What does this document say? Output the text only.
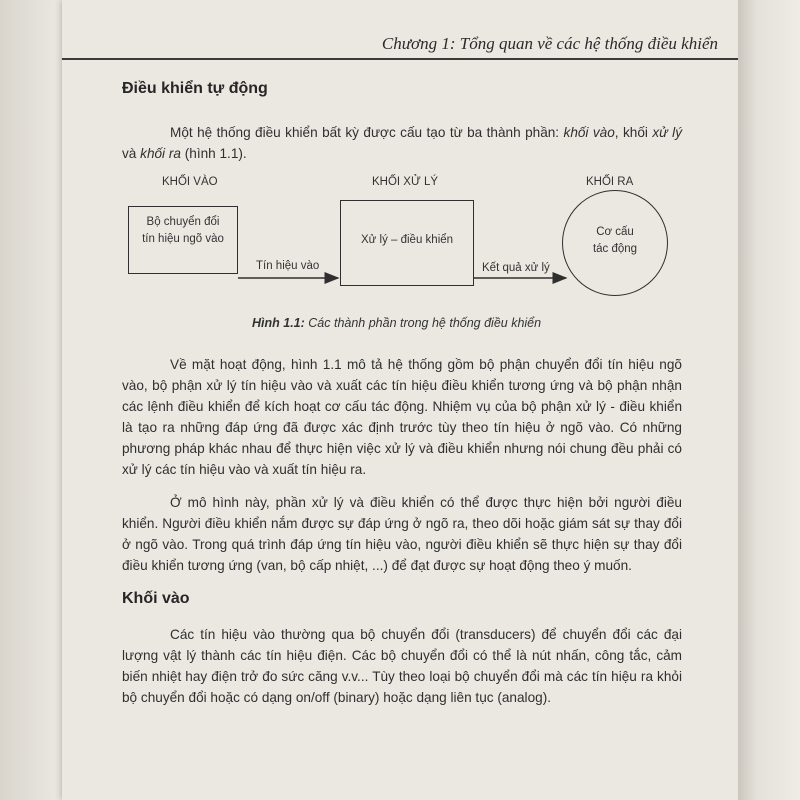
Chương 1: Tổng quan về các hệ thống điều khiển
Điều khiển tự động
Một hệ thống điều khiển bất kỳ được cấu tạo từ ba thành phần: khối vào, khối xử lý và khối ra (hình 1.1).
KHỐI VÀO	KHỐI XỬ LÝ	KHỐI RA
Bộ chuyển đổi
tín hiệu ngõ vào	Xử lý – điều khiển
Cơ cấu
tác động
Tín hiệu vào	Kết quả xử lý
Hình 1.1: Các thành phần trong hệ thống điều khiển
Về mặt hoạt động, hình 1.1 mô tả hệ thống gồm bộ phận chuyển đổi tín hiệu ngõ vào, bộ phận xử lý tín hiệu vào và xuất các tín hiệu điều khiển tương ứng và bộ phận nhận các lệnh điều khiển để kích hoạt cơ cấu tác động. Nhiệm vụ của bộ phận xử lý - điều khiển là tạo ra những đáp ứng đã được xác định trước tùy theo tín hiệu ở ngõ vào. Có những phương pháp khác nhau để thực hiện việc xử lý và điều khiển nhưng nói chung đều phải có xử lý các tín hiệu vào và xuất tín hiệu ra.
Ở mô hình này, phần xử lý và điều khiển có thể được thực hiện bởi người điều khiển. Người điều khiển nắm được sự đáp ứng ở ngõ ra, theo dõi hoặc giám sát sự thay đổi ở ngõ vào. Trong quá trình đáp ứng tín hiệu vào, người điều khiển sẽ thực hiện sự thay đổi điều khiển tương ứng (van, bộ cấp nhiệt, ...) để đạt được sự hoạt động theo ý muốn.
Khối vào
Các tín hiệu vào thường qua bộ chuyển đổi (transducers) để chuyển đổi các đại lượng vật lý thành các tín hiệu điện. Các bộ chuyển đổi có thể là nút nhấn, công tắc, cảm biến nhiệt hay điện trở đo sức căng v.v... Tùy theo loại bộ chuyển đổi mà các tín hiệu ra khỏi bộ chuyển đổi hoặc có dạng on/off (binary) hoặc dạng liên tục (analog).
